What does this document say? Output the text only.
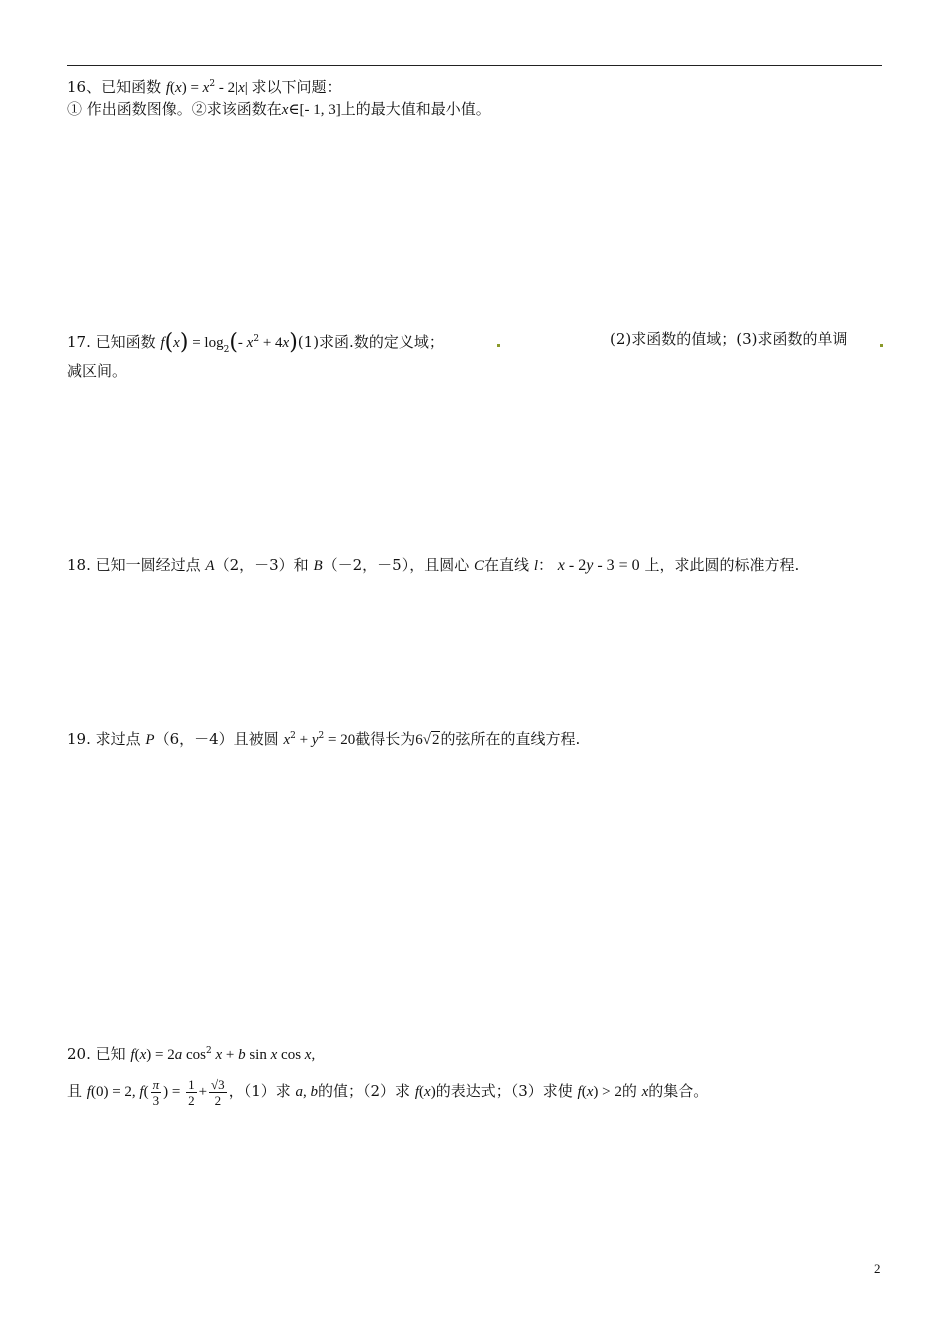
16、已知函数 $f(x) = x^2 - 2|x|$ 求以下问题：
① 作出函数图像。②求该函数在x∈[- 1, 3]上的最大值和最小值。
17. 已知函数 $f(x) = \log_2(-$ $x^2 + 4x)(1)$求函.数的定义域；	(2)求函数的值域；(3)求函数的单调
减区间。
18. 已知一圆经过点 A（2，－3）和 B（－2，－5），且圆心 C在直线 l： x - 2y - 3 = 0 上，求此圆的标准方程.
19. 求过点 P（6，－4）且被圆 $x^2 + y^2 = 20$截得长为6√2的弦所在的直线方程.
20. 已知 f(x) = 2a $\cos^2 x + b$ sin x cos x,
且 f(0) = 2, $f( \frac{\pi}{3}$ ) = $\frac{1}{2} + \frac{√3}{2}$ ，（1）求 a, b的值；（2）求 f(x)的表达式；（3）求使 f(x) > 2的 x的集合。
2
